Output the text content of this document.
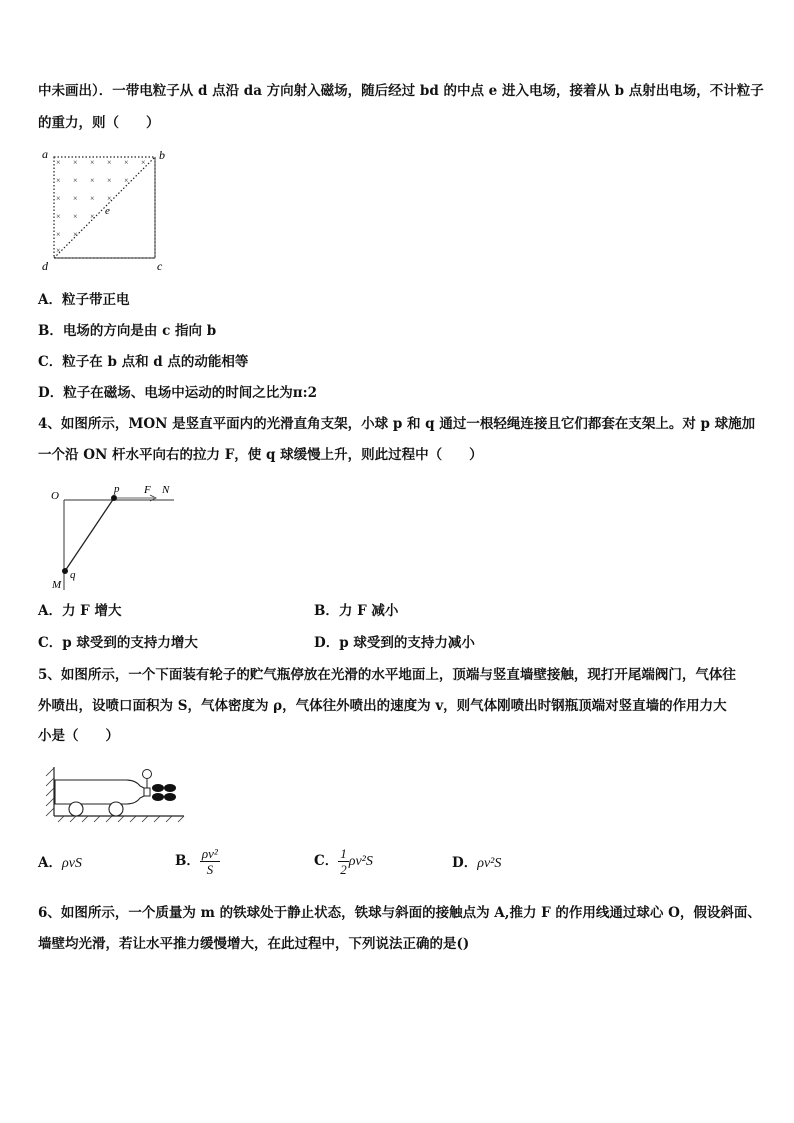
中未画出）．一带电粒子从 d 点沿 da 方向射入磁场，随后经过 bd 的中点 e 进入电场，接着从 b 点射出电场，不计粒子
的重力，则（　　）
× × × × × ×
× × × × ×
× × × ×
× × ×
× ×
×
a	b
c
d
e
A．粒子带正电
B．电场的方向是由 c 指向 b
C．粒子在 b 点和 d 点的动能相等
D．粒子在磁场、电场中运动的时间之比为π:2
4、如图所示，MON 是竖直平面内的光滑直角支架，小球 p 和 q 通过一根轻绳连接且它们都套在支架上。对 p 球施加
一个沿 ON 杆水平向右的拉力 F，使 q 球缓慢上升，则此过程中（　　）
O
p F N
M
q
A．力 F 增大	B．力 F 减小
C．p 球受到的支持力增大	D．p 球受到的支持力减小
5、如图所示，一个下面装有轮子的贮气瓶停放在光滑的水平地面上，顶端与竖直墙壁接触，现打开尾端阀门，气体往
外喷出，设喷口面积为 S，气体密度为 ρ，气体往外喷出的速度为 v，则气体刚喷出时钢瓶顶端对竖直墙的作用力大
小是（　　）
A．ρvS	B． $\frac{\text{ρv²}}{S}$	C． $\frac{1}{2} \rho v^2S$	D．ρv²S
6、如图所示，一个质量为 m 的铁球处于静止状态，铁球与斜面的接触点为 A,推力 F 的作用线通过球心 O，假设斜面、
墙壁均光滑，若让水平推力缓慢增大，在此过程中，下列说法正确的是()
